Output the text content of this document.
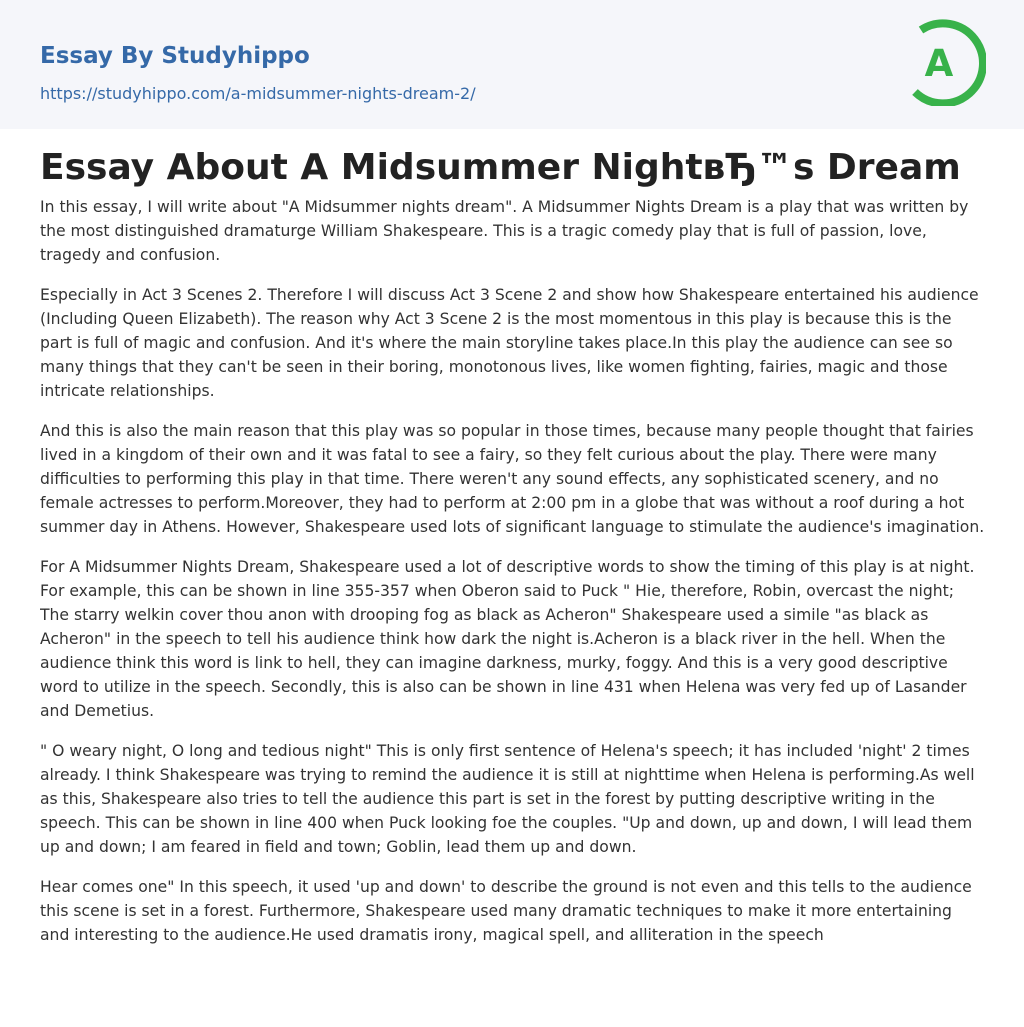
Essay By Studyhippo
https://studyhippo.com/a-midsummer-nights-dream-2/
A
Essay About A Midsummer NightвЂ™s Dream

In this essay, I will write about "A Midsummer nights dream". A Midsummer Nights Dream is a play that was written by the most distinguished dramaturge William Shakespeare. This is a tragic comedy play that is full of passion, love, tragedy and confusion.

Especially in Act 3 Scenes 2. Therefore I will discuss Act 3 Scene 2 and show how Shakespeare entertained his audience (Including Queen Elizabeth). The reason why Act 3 Scene 2 is the most momentous in this play is because this is the part is full of magic and confusion. And it's where the main storyline takes place.In this play the audience can see so many things that they can't be seen in their boring, monotonous lives, like women fighting, fairies, magic and those intricate relationships.

And this is also the main reason that this play was so popular in those times, because many people thought that fairies lived in a kingdom of their own and it was fatal to see a fairy, so they felt curious about the play. There were many difficulties to performing this play in that time. There weren't any sound effects, any sophisticated scenery, and no female actresses to perform.Moreover, they had to perform at 2:00 pm in a globe that was without a roof during a hot summer day in Athens. However, Shakespeare used lots of significant language to stimulate the audience's imagination.

For A Midsummer Nights Dream, Shakespeare used a lot of descriptive words to show the timing of this play is at night. For example, this can be shown in line 355-357 when Oberon said to Puck " Hie, therefore, Robin, overcast the night; The starry welkin cover thou anon with drooping fog as black as Acheron" Shakespeare used a simile "as black as Acheron" in the speech to tell his audience think how dark the night is.Acheron is a black river in the hell. When the audience think this word is link to hell, they can imagine darkness, murky, foggy. And this is a very good descriptive word to utilize in the speech. Secondly, this is also can be shown in line 431 when Helena was very fed up of Lasander and Demetius.

" O weary night, O long and tedious night" This is only first sentence of Helena's speech; it has included 'night' 2 times already. I think Shakespeare was trying to remind the audience it is still at nighttime when Helena is performing.As well as this, Shakespeare also tries to tell the audience this part is set in the forest by putting descriptive writing in the speech. This can be shown in line 400 when Puck looking foe the couples. "Up and down, up and down, I will lead them up and down; I am feared in field and town; Goblin, lead them up and down.

Hear comes one" In this speech, it used 'up and down' to describe the ground is not even and this tells to the audience this scene is set in a forest. Furthermore, Shakespeare used many dramatic techniques to make it more entertaining and interesting to the audience.He used dramatis irony, magical spell, and alliteration in the speech
